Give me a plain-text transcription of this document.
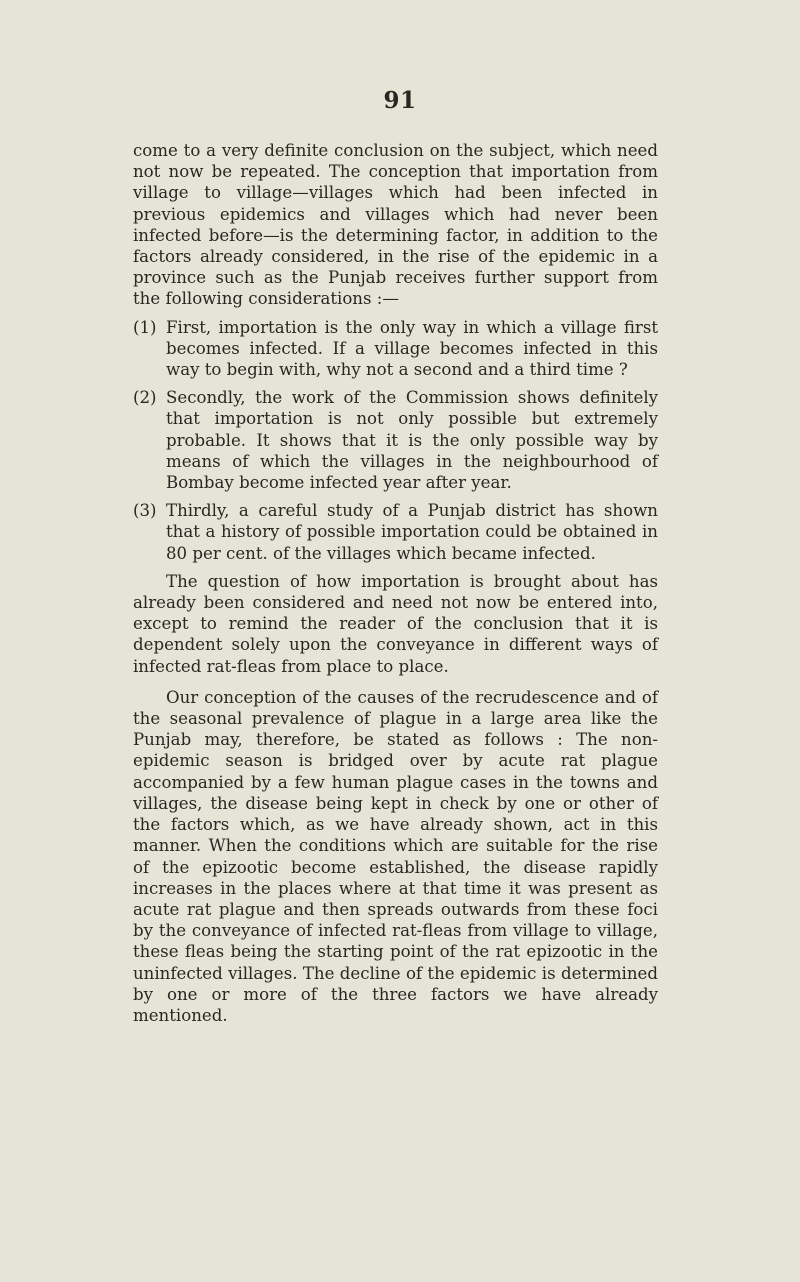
91

come to a very definite conclusion on the subject, which need not now be repeated. The conception that importation from village to village—villages which had been infected in previous epidemics and villages which had never been infected before—is the determining factor, in addition to the factors already considered, in the rise of the epidemic in a province such as the Punjab receives further support from the following considerations :—

(1) First, importation is the only way in which a village first becomes infected. If a village becomes infected in this way to begin with, why not a second and a third time ?
(2) Secondly, the work of the Commission shows definitely that importation is not only possible but extremely probable. It shows that it is the only possible way by means of which the villages in the neighbourhood of Bombay become infected year after year.
(3) Thirdly, a careful study of a Punjab district has shown that a history of possible importation could be obtained in 80 per cent. of the villages which became infected.

The question of how importation is brought about has already been considered and need not now be entered into, except to remind the reader of the conclusion that it is dependent solely upon the conveyance in different ways of infected rat-fleas from place to place.

Our conception of the causes of the recrudescence and of the seasonal prevalence of plague in a large area like the Punjab may, therefore, be stated as follows : The non-epidemic season is bridged over by acute rat plague accompanied by a few human plague cases in the towns and villages, the disease being kept in check by one or other of the factors which, as we have already shown, act in this manner. When the conditions which are suitable for the rise of the epizootic become established, the disease rapidly increases in the places where at that time it was present as acute rat plague and then spreads outwards from these foci by the conveyance of infected rat-fleas from village to village, these fleas being the starting point of the rat epizootic in the uninfected villages. The decline of the epidemic is determined by one or more of the three factors we have already mentioned.
